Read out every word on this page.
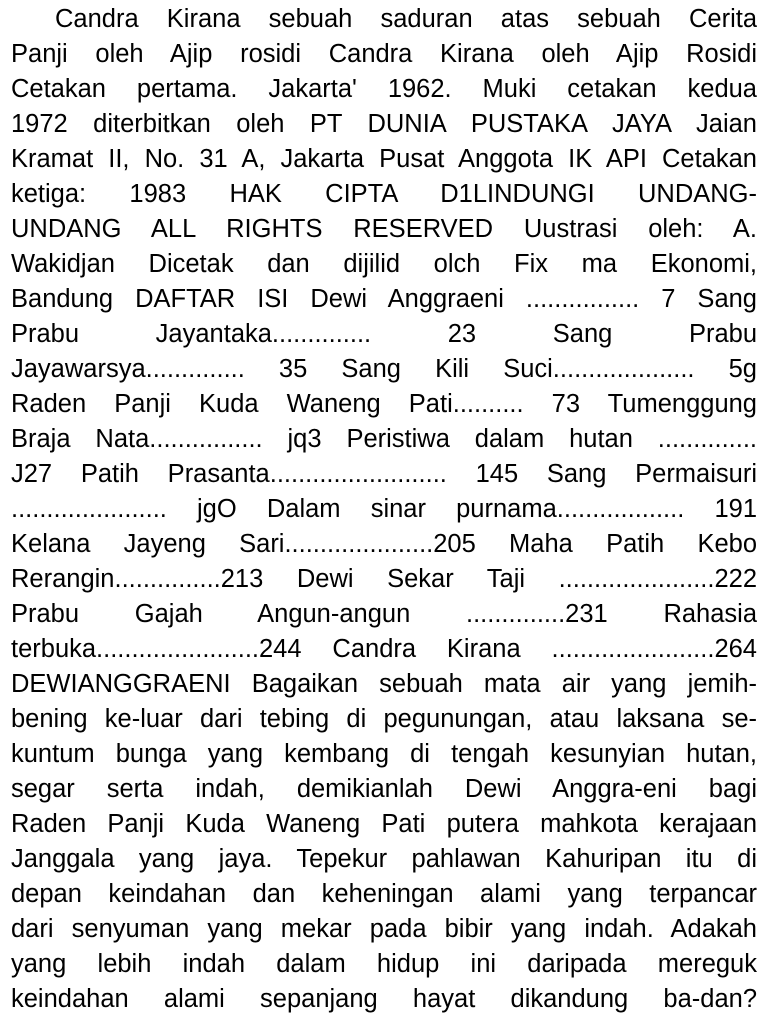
Candra Kirana sebuah saduran atas sebuah Cerita
Panji oleh Ajip rosidi Candra Kirana oleh Ajip Rosidi
Cetakan pertama. Jakarta' 1962. Muki cetakan kedua
1972 diterbitkan oleh PT DUNIA PUSTAKA JAYA Jaian
Kramat II, No. 31 A, Jakarta Pusat Anggota IK API Cetakan
ketiga: 1983 HAK CIPTA D1LINDUNGI UNDANG-
UNDANG ALL RIGHTS RESERVED Uustrasi oleh: A.
Wakidjan Dicetak dan dijilid olch Fix ma Ekonomi,
Bandung DAFTAR ISI Dewi Anggraeni ................ 7 Sang
Prabu Jayantaka.............. 23 Sang Prabu
Jayawarsya.............. 35 Sang Kili Suci.................... 5g
Raden Panji Kuda Waneng Pati.......... 73 Tumenggung
Braja Nata................ jq3 Peristiwa dalam hutan ..............
J27 Patih Prasanta......................... 145 Sang Permaisuri
...................... jgO Dalam sinar purnama.................. 191
Kelana Jayeng Sari.....................205 Maha Patih Kebo
Rerangin...............213 Dewi Sekar Taji ......................222
Prabu Gajah Angun-angun ..............231 Rahasia
terbuka.......................244 Candra Kirana .......................264
DEWIANGGRAENI Bagaikan sebuah mata air yang jemih-
bening ke-luar dari tebing di pegunungan, atau laksana se-
kuntum bunga yang kembang di tengah kesunyian hutan,
segar serta indah, demikianlah Dewi Anggra-eni bagi
Raden Panji Kuda Waneng Pati putera mahkota kerajaan
Janggala yang jaya. Tepekur pahlawan Kahuripan itu di
depan keindahan dan keheningan alami yang terpancar
dari senyuman yang mekar pada bibir yang indah. Adakah
yang lebih indah dalam hidup ini daripada mereguk
keindahan alami sepanjang hayat dikandung ba-dan?
